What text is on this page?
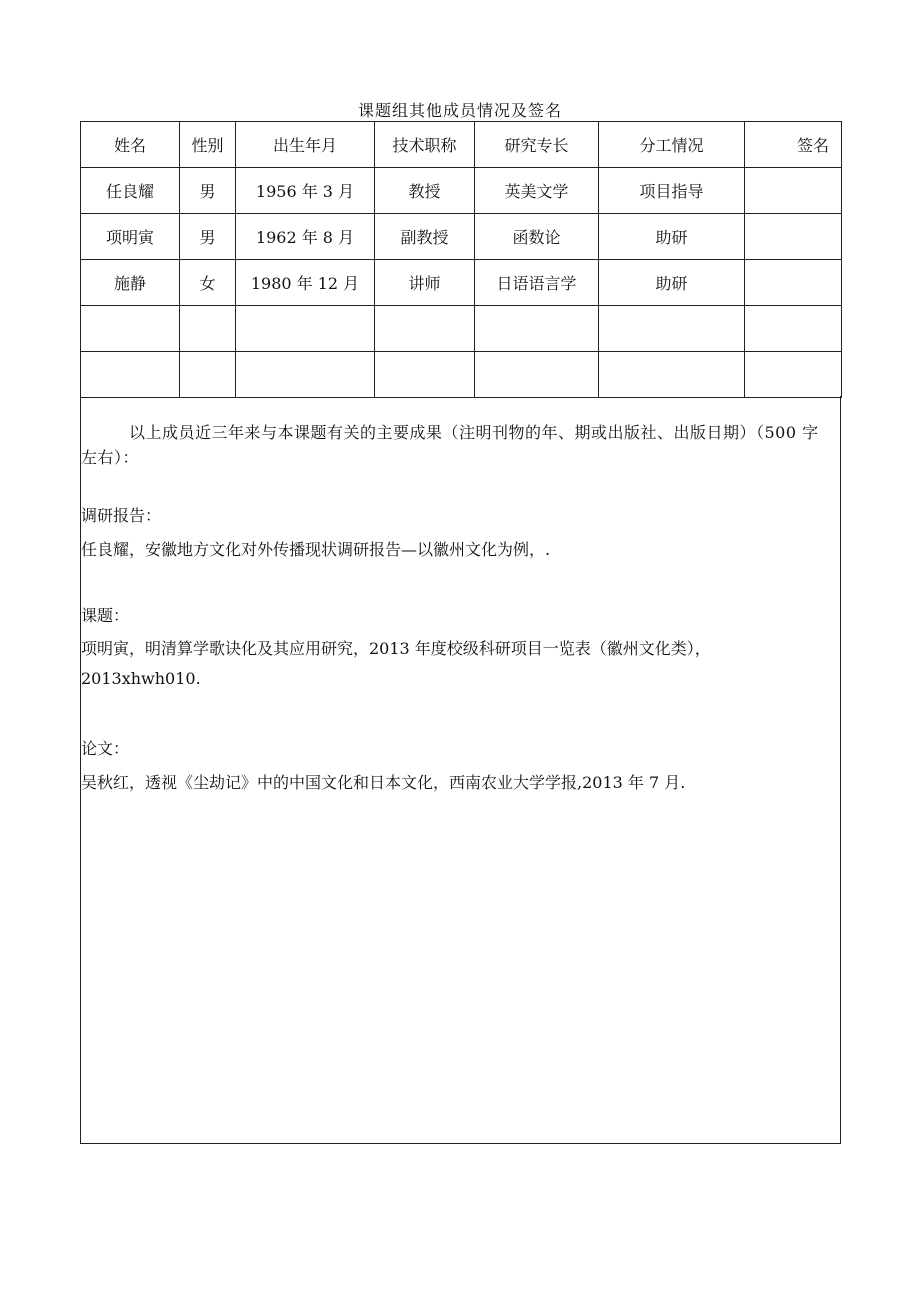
课题组其他成员情况及签名
姓名	性别	出生年月	技术职称	研究专长	分工情况	签名
任良耀	男	1956 年 3 月	教授	英美文学	项目指导	
项明寅	男	1962 年 8 月	副教授	函数论	助研	
施静	女	1980 年 12 月	讲师	日语语言学	助研	

以上成员近三年来与本课题有关的主要成果（注明刊物的年、期或出版社、出版日期）（500 字左右）：
调研报告：
任良耀，安徽地方文化对外传播现状调研报告—以徽州文化为例，.
课题：
项明寅，明清算学歌诀化及其应用研究，2013 年度校级科研项目一览表（徽州文化类），
2013xhwh010.
论文：
吴秋红，透视《尘劫记》中的中国文化和日本文化，西南农业大学学报,2013 年 7 月.
